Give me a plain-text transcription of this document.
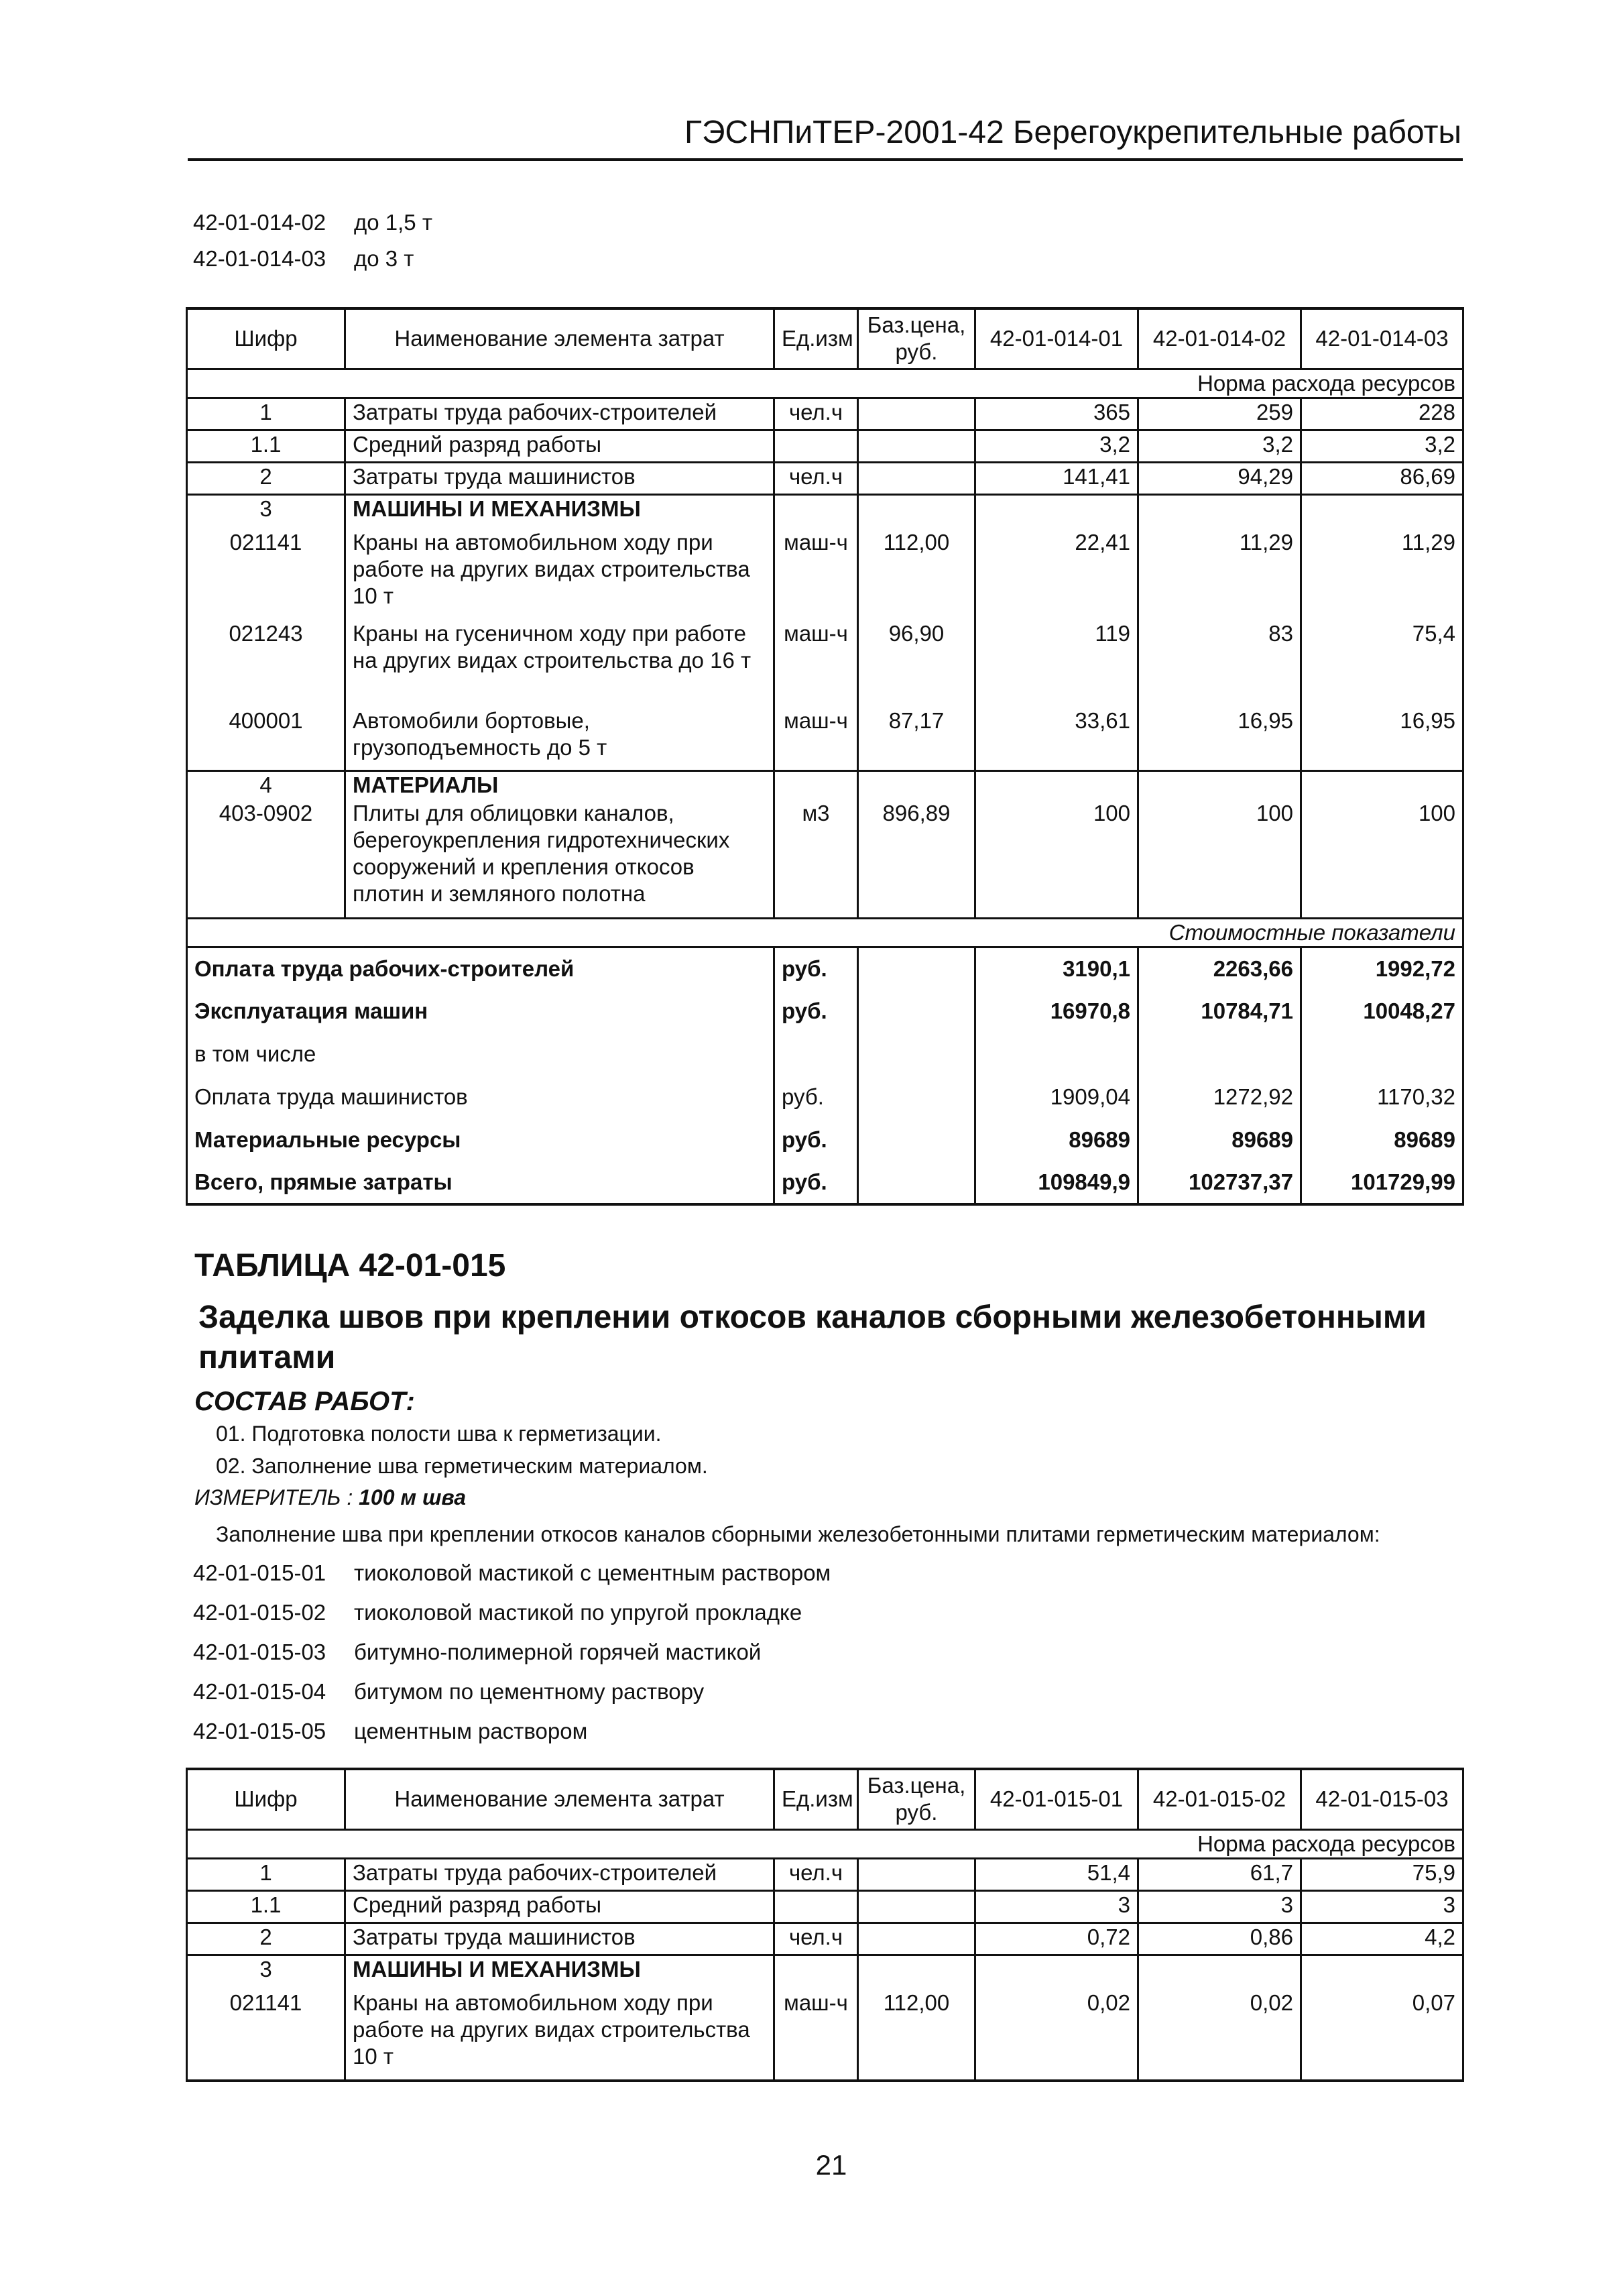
ГЭСНПиТЕР-2001-42 Берегоукрепительные работы
42-01-014-02	до 1,5 т
42-01-014-03	до 3 т
Шифр	Наименование элемента затрат	Ед.изм	Баз.цена, руб.	42-01-014-01	42-01-014-02	42-01-014-03
Норма расхода ресурсов						
1	Затраты труда рабочих-строителей	чел.ч		365	259	228
1.1	Средний разряд работы			3,2	3,2	3,2
2	Затраты труда машинистов	чел.ч		141,41	94,29	86,69
3	МАШИНЫ И МЕХАНИЗМЫ					
021141	Краны на автомобильном ходу при работе на других видах строительства 10 т	маш-ч	112,00	22,41	11,29	11,29
021243	Краны на гусеничном ходу при работе на других видах строительства до 16 т	маш-ч	96,90	119	83	75,4
400001	Автомобили бортовые, грузоподъемность до 5 т	маш-ч	87,17	33,61	16,95	16,95
4	МАТЕРИАЛЫ					
403-0902	Плиты для облицовки каналов, берегоукрепления гидротехнических сооружений и крепления откосов плотин и земляного полотна	м3	896,89	100	100	100
Стоимостные показатели						
Оплата труда рабочих-строителей		руб.		3190,1	2263,66	1992,72
Эксплуатация машин		руб.		16970,8	10784,71	10048,27
в том числе						
Оплата труда машинистов		руб.		1909,04	1272,92	1170,32
Материальные ресурсы		руб.		89689	89689	89689
Всего, прямые затраты		руб.		109849,9	102737,37	101729,99
ТАБЛИЦА 42-01-015
Заделка швов при креплении откосов каналов сборными железобетонными плитами
СОСТАВ РАБОТ:
01. Подготовка полости шва к герметизации.
02. Заполнение шва герметическим материалом.
ИЗМЕРИТЕЛЬ : 100 м шва
Заполнение шва при креплении откосов каналов сборными железобетонными плитами герметическим материалом:
42-01-015-01	тиоколовой мастикой с цементным раствором
42-01-015-02	тиоколовой мастикой по упругой прокладке
42-01-015-03	битумно-полимерной горячей мастикой
42-01-015-04	битумом по цементному раствору
42-01-015-05	цементным раствором
Шифр	Наименование элемента затрат	Ед.изм	Баз.цена, руб.	42-01-015-01	42-01-015-02	42-01-015-03
Норма расхода ресурсов						
1	Затраты труда рабочих-строителей	чел.ч		51,4	61,7	75,9
1.1	Средний разряд работы			3	3	3
2	Затраты труда машинистов	чел.ч		0,72	0,86	4,2
3	МАШИНЫ И МЕХАНИЗМЫ					
021141	Краны на автомобильном ходу при работе на других видах строительства 10 т	маш-ч	112,00	0,02	0,02	0,07
21
